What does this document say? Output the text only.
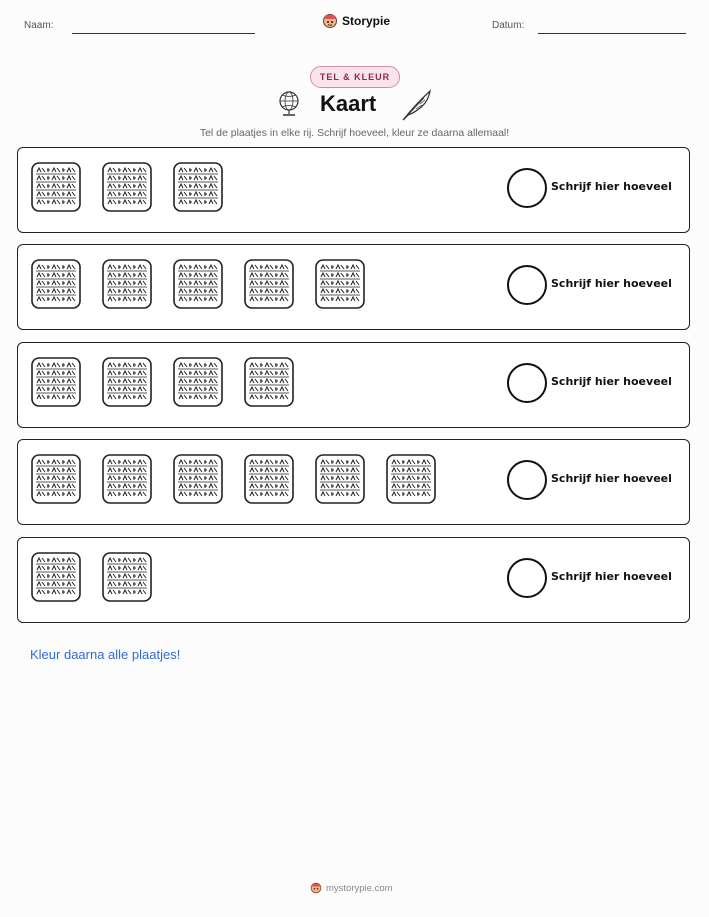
Naam:	Storypie	Datum:
TEL & KLEUR
Kaart
Tel de plaatjes in elke rij. Schrijf hoeveel, kleur ze daarna allemaal!
Schrijf hier hoeveel
Schrijf hier hoeveel
Schrijf hier hoeveel
Schrijf hier hoeveel
Schrijf hier hoeveel
Kleur daarna alle plaatjes!
mystorypie.com
